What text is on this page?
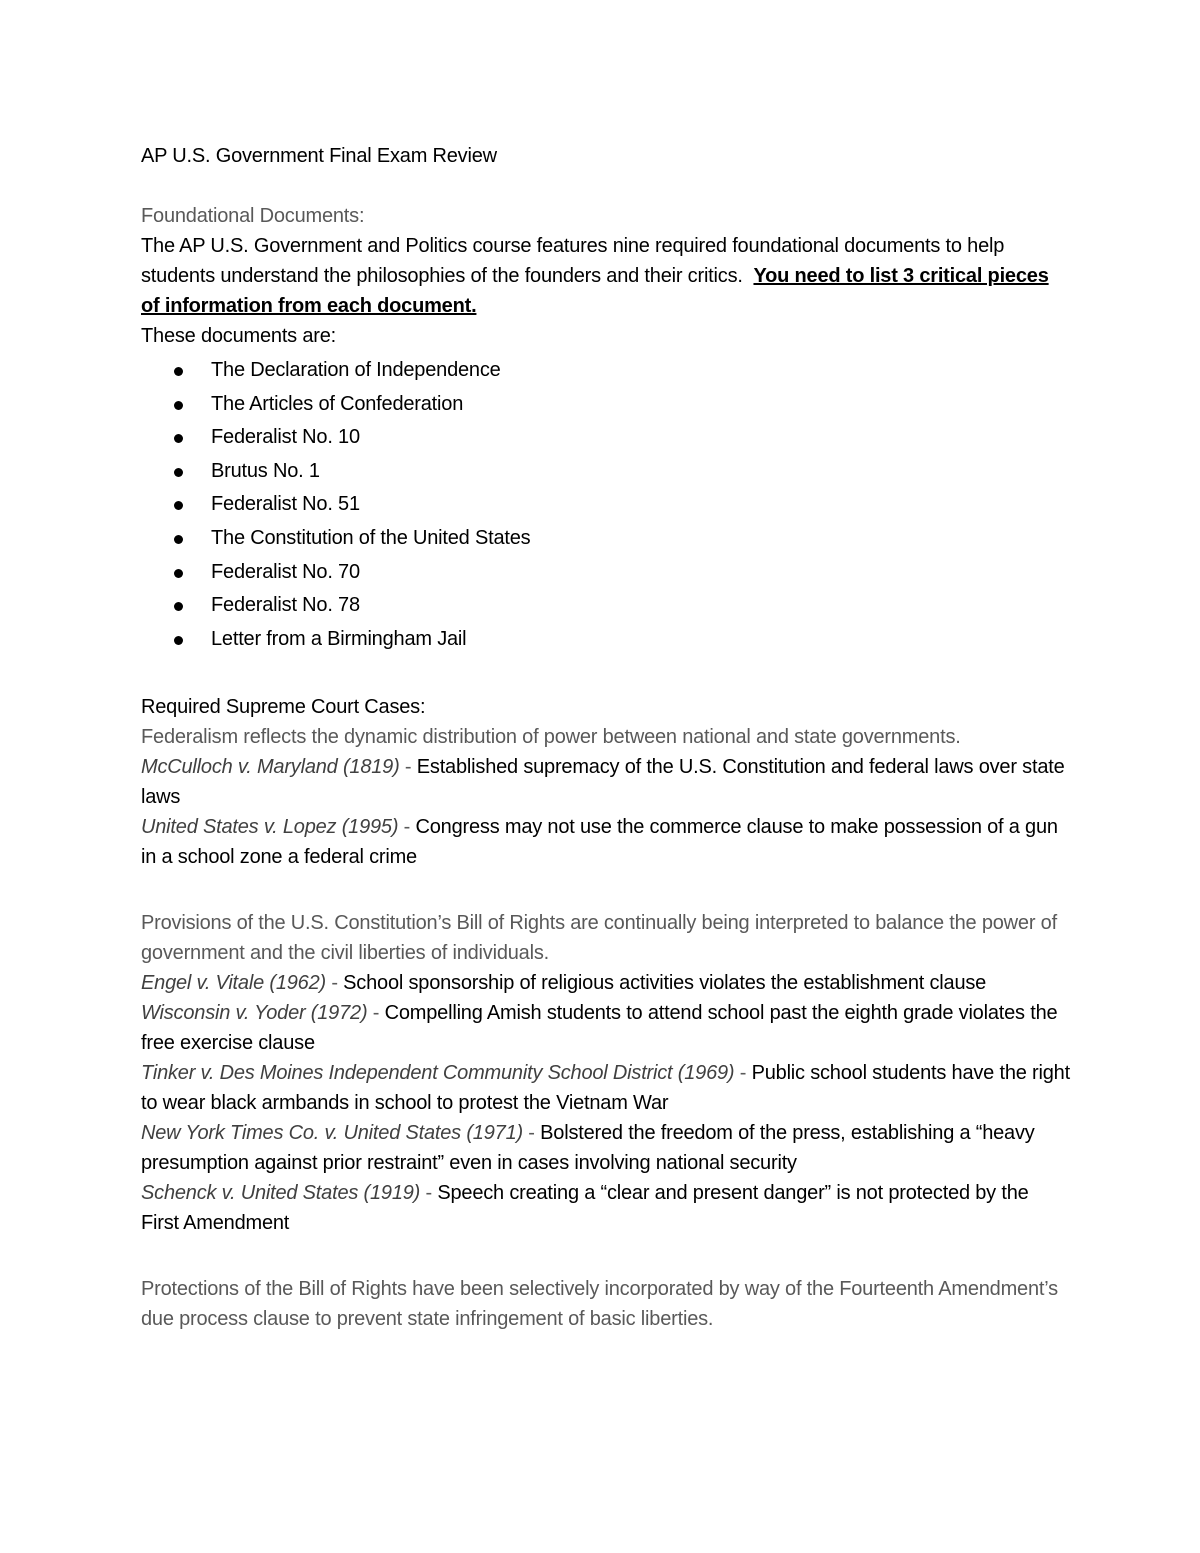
AP U.S. Government Final Exam Review

Foundational Documents:

The AP U.S. Government and Politics course features nine required foundational documents to help students understand the philosophies of the founders and their critics. You need to list 3 critical pieces of information from each document.

These documents are:

The Declaration of Independence
The Articles of Confederation
Federalist No. 10
Brutus No. 1
Federalist No. 51
The Constitution of the United States
Federalist No. 70
Federalist No. 78
Letter from a Birmingham Jail

Required Supreme Court Cases:

Federalism reflects the dynamic distribution of power between national and state governments.

McCulloch v. Maryland (1819) - Established supremacy of the U.S. Constitution and federal laws over state laws

United States v. Lopez (1995) - Congress may not use the commerce clause to make possession of a gun in a school zone a federal crime

Provisions of the U.S. Constitution’s Bill of Rights are continually being interpreted to balance the power of government and the civil liberties of individuals.

Engel v. Vitale (1962) - School sponsorship of religious activities violates the establishment clause

Wisconsin v. Yoder (1972) - Compelling Amish students to attend school past the eighth grade violates the free exercise clause

Tinker v. Des Moines Independent Community School District (1969) - Public school students have the right to wear black armbands in school to protest the Vietnam War

New York Times Co. v. United States (1971) - Bolstered the freedom of the press, establishing a “heavy presumption against prior restraint” even in cases involving national security

Schenck v. United States (1919) - Speech creating a “clear and present danger” is not protected by the First Amendment

Protections of the Bill of Rights have been selectively incorporated by way of the Fourteenth Amendment’s due process clause to prevent state infringement of basic liberties.
